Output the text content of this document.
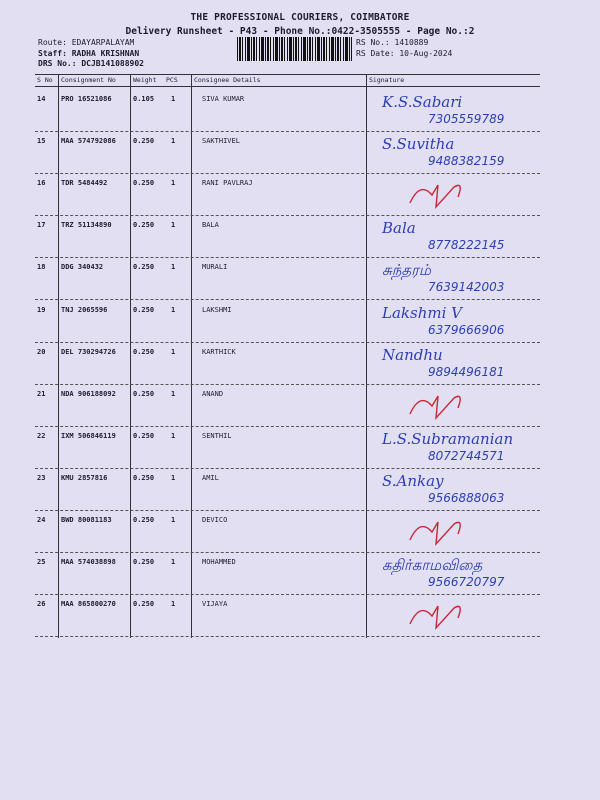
THE PROFESSIONAL COURIERS, COIMBATORE
Delivery Runsheet - P43 - Phone No.:0422-3505555 - Page No.:2
Route: EDAYARPALAYAM
Staff: RADHA KRISHNAN
DRS No.: DCJB141088902
RS No.: 1410889
RS Date: 10-Aug-2024
S No Consignment No	Weight PCS	Consignee Details	Signature
14 PRO 16521086	0.105 1	SIVA KUMAR	K.S.Sabari
7305559789
15 MAA 574792086 0.250 1	SAKTHIVEL	S.Suvitha
9488382159
16 TDR 5484492	0.250 1	RANI PAVLRAJ
17 TRZ 51134890	0.250 1	BALA	Bala
8778222145
18 DDG 340432	0.250 1	MURALI	சுந்தரம்
7639142003
19 TNJ 2065596	0.250 1	LAKSHMI	Lakshmi V
6379666906
20 DEL 730294726 0.250 1	KARTHICK	Nandhu
9894496181
21 NDA 906188092 0.250 1	ANAND
22 IXM 506846119 0.250 1	SENTHIL	L.S.Subramanian
8072744571
23 KMU 2857816	0.250 1	AMIL	S.Ankay
9566888063
24 BWD 80081183	0.250 1	DEVICO
25 MAA 574038898 0.250 1	MOHAMMED	கதிர்காமவிதை
9566720797
26 MAA 865800270 0.250 1	VIJAYA
